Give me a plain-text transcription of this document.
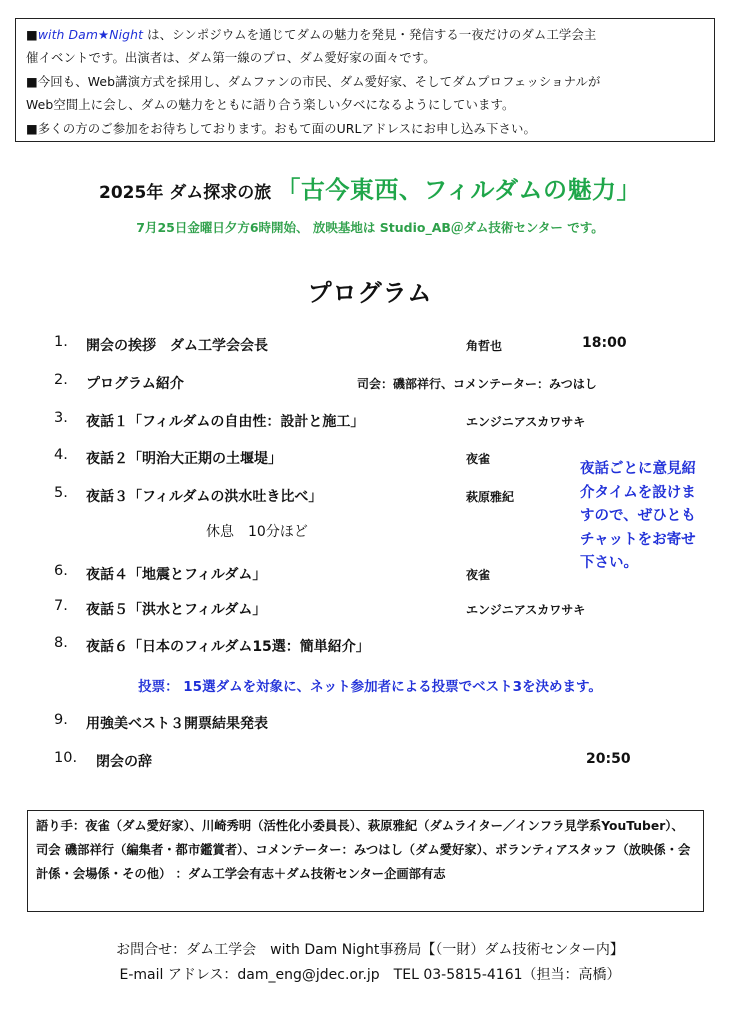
■with Dam★Night は、シンポジウムを通じてダムの魅力を発見・発信する一夜だけのダム工学会主

催イベントです。出演者は、ダム第一線のプロ、ダム愛好家の面々です。

■今回も、Web講演方式を採用し、ダムファンの市民、ダム愛好家、そしてダムプロフェッショナルが

Web空間上に会し、ダムの魅力をともに語り合う楽しい夕べになるようにしています。

■多くの方のご参加をお待ちしております。おもて面のURLアドレスにお申し込み下さい。

2025年 ダム探求の旅 「古今東西、フィルダムの魅力」
7月25日金曜日夕方6時開始、 放映基地は Studio_AB＠ダム技術センター です。
プログラム
1. 開会の挨拶　ダム工学会会長	角哲也	18:00
2. プログラム紹介	司会：磯部祥行、コメンテーター：みつはし
3. 夜話１「フィルダムの自由性：設計と施工」	エンジニアスカワサキ
4. 夜話２「明治大正期の土堰堤」	夜雀
5. 夜話３「フィルダムの洪水吐き比べ」	萩原雅紀
休息　10分ほど
6. 夜話４「地震とフィルダム」	夜雀
7. 夜話５「洪水とフィルダム」	エンジニアスカワサキ
8. 夜話６「日本のフィルダム15選：簡単紹介」
9. 用強美ベスト３開票結果発表
10. 閉会の辞	20:50
夜話ごとに意見紹介タイムを設けますので、ぜひともチャットをお寄せ下さい。
投票： 15選ダムを対象に、ネット参加者による投票でベスト3を決めます。
語り手：夜雀（ダム愛好家）、川崎秀明（活性化小委員長）、萩原雅紀（ダムライター／インフラ見学系YouTuber）、司会 磯部祥行（編集者・都市鑑賞者）、コメンテーター：みつはし（ダム愛好家）、ボランティアスタッフ（放映係・会計係・会場係・その他） ：ダム工学会有志＋ダム技術センター企画部有志
お問合せ：ダム工学会　with Dam Night事務局【（一財）ダム技術センター内】
E-mail アドレス：dam_eng@jdec.or.jp　TEL 03-5815-4161（担当：高橋）
